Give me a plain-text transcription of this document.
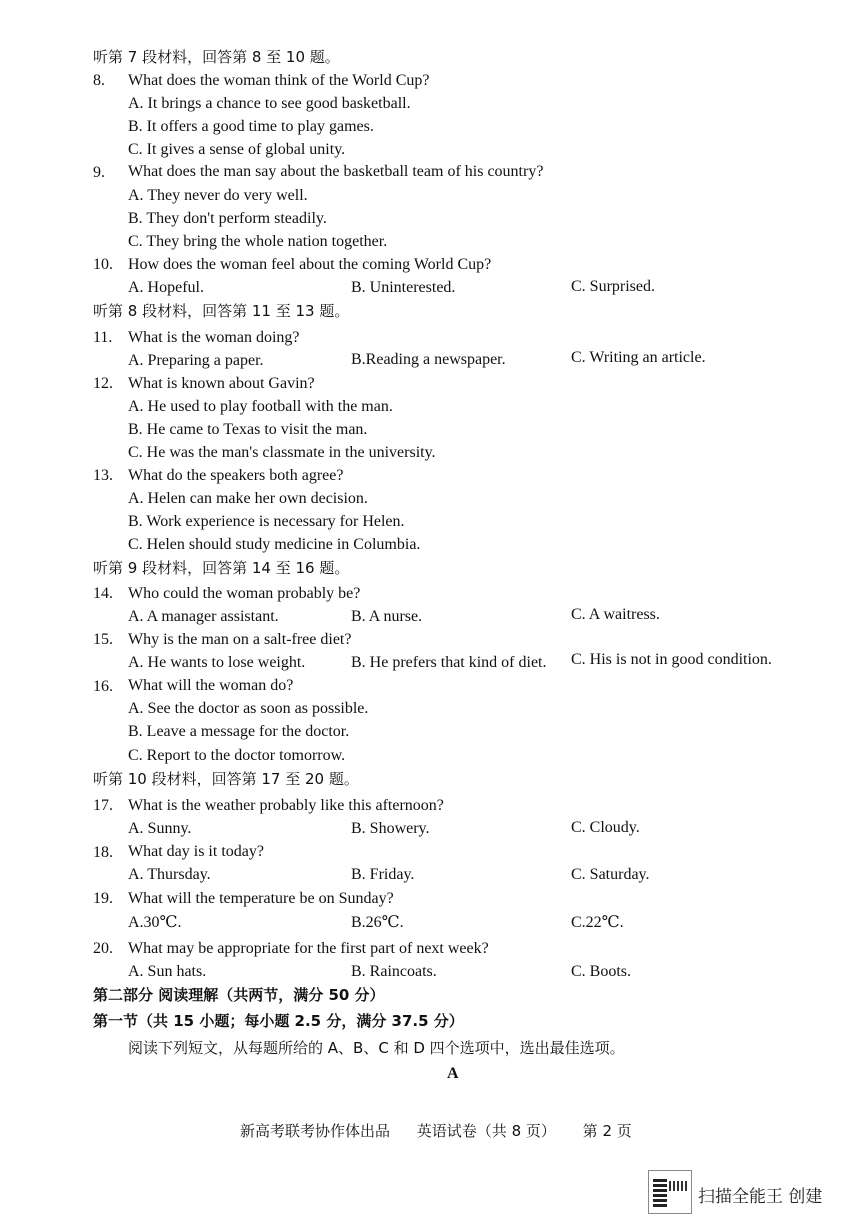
听第 7 段材料，回答第 8 至 10 题。
8. What does the woman think of the World Cup?
A. It brings a chance to see good basketball.
B. It offers a good time to play games.
C. It gives a sense of global unity.
9. What does the man say about the basketball team of his country?
A. They never do very well.
B. They don't perform steadily.
C. They bring the whole nation together.
10. How does the woman feel about the coming World Cup?
A. Hopeful.	B. Uninterested.	C. Surprised.
听第 8 段材料，回答第 11 至 13 题。
11. What is the woman doing?
A. Preparing a paper.	B.Reading a newspaper.	C. Writing an article.
12. What is known about Gavin?
A. He used to play football with the man.
B. He came to Texas to visit the man.
C. He was the man's classmate in the university.
13. What do the speakers both agree?
A. Helen can make her own decision.
B. Work experience is necessary for Helen.
C. Helen should study medicine in Columbia.
听第 9 段材料，回答第 14 至 16 题。
14. Who could the woman probably be?
A. A manager assistant.	B. A nurse.	C. A waitress.
15. Why is the man on a salt-free diet?
A. He wants to lose weight.	B. He prefers that kind of diet. C. His is not in good condition.
16. What will the woman do?
A. See the doctor as soon as possible.
B. Leave a message for the doctor.
C. Report to the doctor tomorrow.
听第 10 段材料，回答第 17 至 20 题。
17. What is the weather probably like this afternoon?
A. Sunny.	B. Showery.	C. Cloudy.
18. What day is it today?
A. Thursday.	B. Friday.	C. Saturday.
19. What will the temperature be on Sunday?
A.30℃.	B.26℃.	C.22℃.
20. What may be appropriate for the first part of next week?
A. Sun hats.	B. Raincoats.	C. Boots.
第二部分 阅读理解（共两节，满分 50 分）
第一节（共 15 小题；每小题 2.5 分，满分 37.5 分）
阅读下列短文，从每题所给的 A、B、C 和 D 四个选项中，选出最佳选项。
A
新高考联考协作体出品 英语试卷（共 8 页） 第 2 页
扫描全能王 创建
